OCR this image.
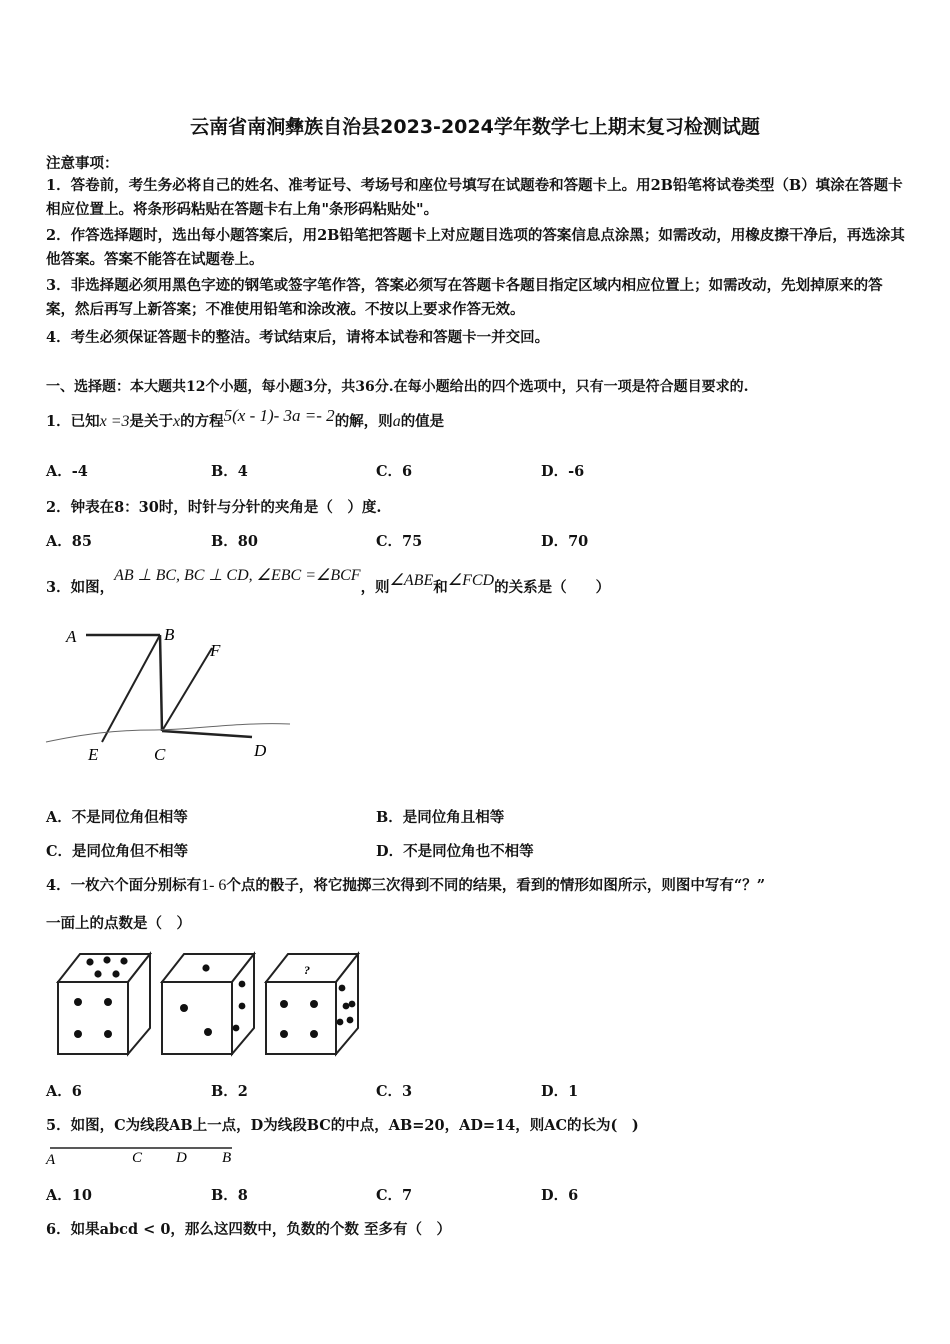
云南省南涧彝族自治县2023-2024学年数学七上期末复习检测试题
注意事项：
1．答卷前，考生务必将自己的姓名、准考证号、考场号和座位号填写在试题卷和答题卡上。用2B铅笔将试卷类型（B）填涂在答题卡相应位置上。将条形码粘贴在答题卡右上角"条形码粘贴处"。
2．作答选择题时，选出每小题答案后，用2B铅笔把答题卡上对应题目选项的答案信息点涂黑；如需改动，用橡皮擦干净后，再选涂其他答案。答案不能答在试题卷上。
3．非选择题必须用黑色字迹的钢笔或签字笔作答，答案必须写在答题卡各题目指定区域内相应位置上；如需改动，先划掉原来的答案，然后再写上新答案；不准使用铅笔和涂改液。不按以上要求作答无效。
4．考生必须保证答题卡的整洁。考试结束后，请将本试卷和答题卡一并交回。
一、选择题：本大题共12个小题，每小题3分，共36分.在每小题给出的四个选项中，只有一项是符合题目要求的.
1．已知x =3是关于x的方程5(x - 1)- 3a =- 2的解，则a的值是
A．-4	B．4	C．6	D．-6
2．钟表在8：30时，时针与分针的夹角是（　）度.
A．85	B．80	C．75	D．70
3．如图，AB ⊥ BC, BC ⊥ CD, ∠EBC =∠BCF，则∠ABE和∠FCD的关系是（　　）
A	B
F
E	C	D
A．不是同位角但相等	B．是同位角且相等
C．是同位角但不相等	D．不是同位角也不相等
4．一枚六个面分别标有1- 6个点的骰子，将它抛掷三次得到不同的结果，看到的情形如图所示，则图中写有“？”
一面上的点数是（　）
?
A．6	B．2	C．3	D．1
5．如图，C为线段AB上一点，D为线段BC的中点，AB=20，AD=14，则AC的长为(　)
A	C D B
A．10	B．8	C．7	D．6
6．如果abcd < 0，那么这四数中，负数的个数 至多有（　）
